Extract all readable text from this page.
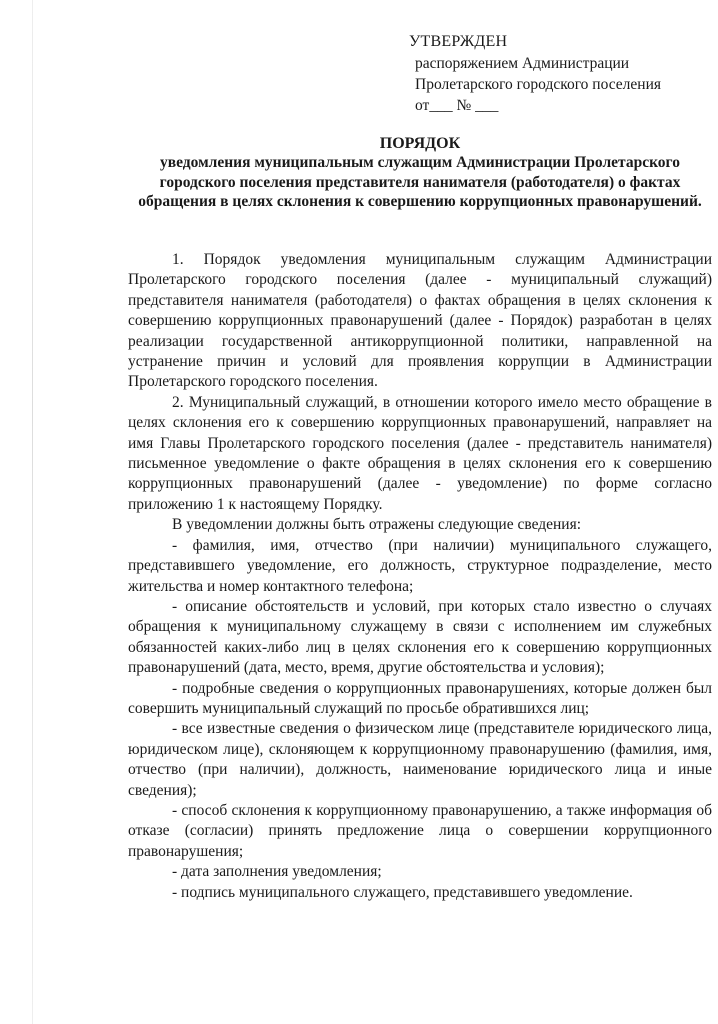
УТВЕРЖДЕН
распоряжением Администрации
Пролетарского городского поселения
от___ № ___
ПОРЯДОК
уведомления муниципальным служащим Администрации Пролетарского городского поселения представителя нанимателя (работодателя) о фактах обращения в целях склонения к совершению коррупционных правонарушений.

1. Порядок уведомления муниципальным служащим Администрации Пролетарского городского поселения (далее - муниципальный служащий) представителя нанимателя (работодателя) о фактах обращения в целях склонения к совершению коррупционных правонарушений (далее - Порядок) разработан в целях реализации государственной антикоррупционной политики, направленной на устранение причин и условий для проявления коррупции в Администрации Пролетарского городского поселения.

2. Муниципальный служащий, в отношении которого имело место обращение в целях склонения его к совершению коррупционных правонарушений, направляет на имя Главы Пролетарского городского поселения (далее - представитель нанимателя) письменное уведомление о факте обращения в целях склонения его к совершению коррупционных правонарушений (далее - уведомление) по форме согласно приложению 1 к настоящему Порядку.

В уведомлении должны быть отражены следующие сведения:

- фамилия, имя, отчество (при наличии) муниципального служащего, представившего уведомление, его должность, структурное подразделение, место жительства и номер контактного телефона;

- описание обстоятельств и условий, при которых стало известно о случаях обращения к муниципальному служащему в связи с исполнением им служебных обязанностей каких-либо лиц в целях склонения его к совершению коррупционных правонарушений (дата, место, время, другие обстоятельства и условия);

- подробные сведения о коррупционных правонарушениях, которые должен был совершить муниципальный служащий по просьбе обратившихся лиц;

- все известные сведения о физическом лице (представителе юридического лица, юридическом лице), склоняющем к коррупционному правонарушению (фамилия, имя, отчество (при наличии), должность, наименование юридического лица и иные сведения);

- способ склонения к коррупционному правонарушению, а также информация об отказе (согласии) принять предложение лица о совершении коррупционного правонарушения;

- дата заполнения уведомления;

- подпись муниципального служащего, представившего уведомление.
